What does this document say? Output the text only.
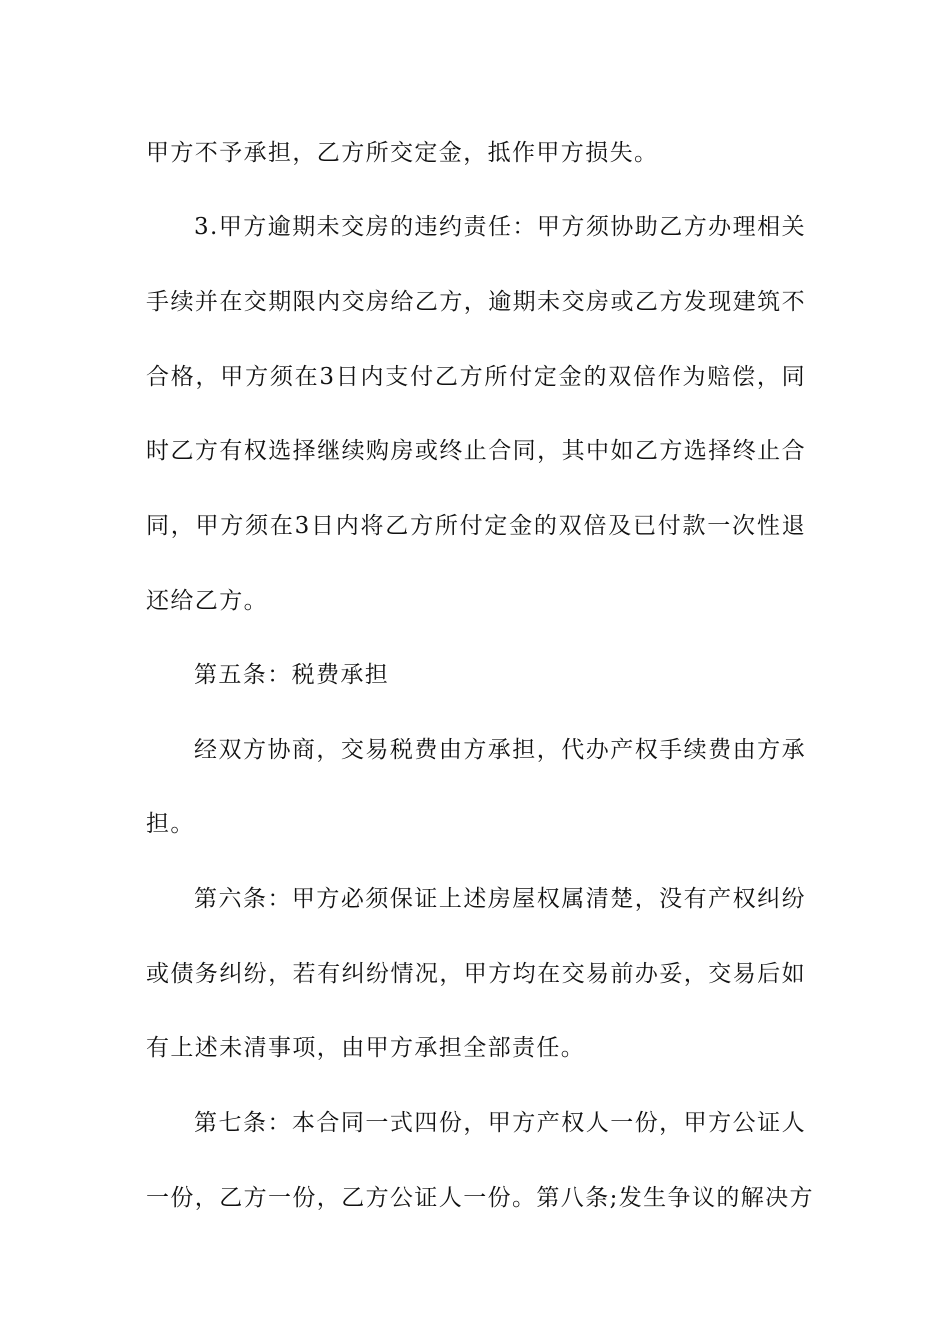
甲方不予承担，乙方所交定金，抵作甲方损失。
3.甲方逾期未交房的违约责任：甲方须协助乙方办理相关
手续并在交期限内交房给乙方，逾期未交房或乙方发现建筑不
合格，甲方须在3日内支付乙方所付定金的双倍作为赔偿，同
时乙方有权选择继续购房或终止合同，其中如乙方选择终止合
同，甲方须在3日内将乙方所付定金的双倍及已付款一次性退
还给乙方。
第五条：税费承担
经双方协商，交易税费由方承担，代办产权手续费由方承
担。
第六条：甲方必须保证上述房屋权属清楚，没有产权纠纷
或债务纠纷，若有纠纷情况，甲方均在交易前办妥，交易后如
有上述未清事项，由甲方承担全部责任。
第七条：本合同一式四份，甲方产权人一份，甲方公证人
一份，乙方一份，乙方公证人一份。第八条;发生争议的解决方
